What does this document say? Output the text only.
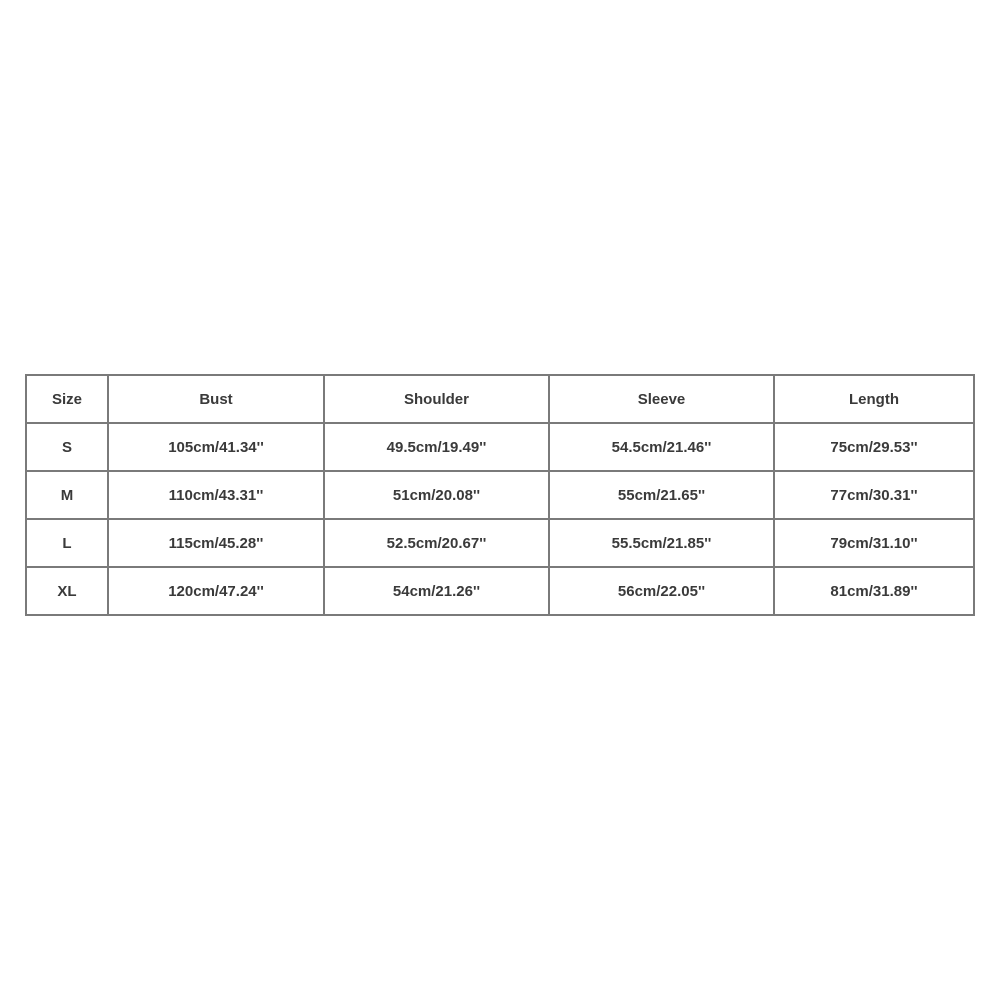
Size	Bust	Shoulder	Sleeve	Length
S	105cm/41.34''	49.5cm/19.49''	54.5cm/21.46''	75cm/29.53''
M	110cm/43.31''	51cm/20.08''	55cm/21.65''	77cm/30.31''
L	115cm/45.28''	52.5cm/20.67''	55.5cm/21.85''	79cm/31.10''
XL	120cm/47.24''	54cm/21.26''	56cm/22.05''	81cm/31.89''
